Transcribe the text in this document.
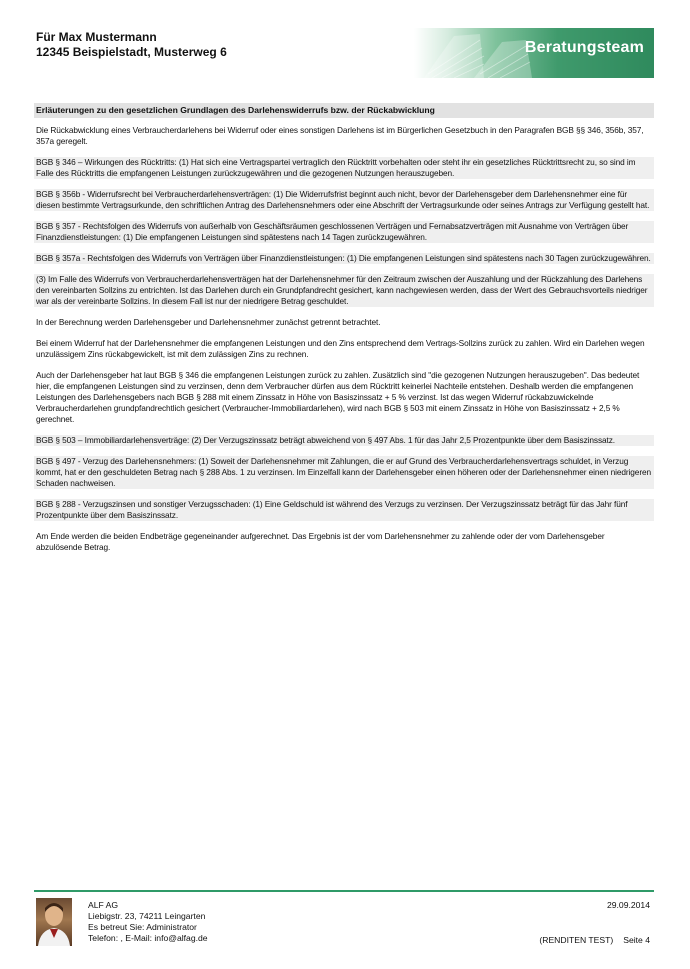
Für Max Mustermann
12345 Beispielstadt, Musterweg 6	Beratungsteam
Erläuterungen zu den gesetzlichen Grundlagen des Darlehenswiderrufs bzw. der Rückabwicklung
Die Rückabwicklung eines Verbraucherdarlehens bei Widerruf oder eines sonstigen Darlehens ist im Bürgerlichen Gesetzbuch in den Paragrafen BGB §§ 346, 356b, 357, 357a geregelt.
BGB § 346 – Wirkungen des Rücktritts: (1) Hat sich eine Vertragspartei vertraglich den Rücktritt vorbehalten oder steht ihr ein gesetzliches Rücktrittsrecht zu, so sind im Falle des Rücktritts die empfangenen Leistungen zurückzugewähren und die gezogenen Nutzungen herauszugeben.
BGB § 356b - Widerrufsrecht bei Verbraucherdarlehensverträgen: (1) Die Widerrufsfrist beginnt auch nicht, bevor der Darlehensgeber dem Darlehensnehmer eine für diesen bestimmte Vertragsurkunde, den schriftlichen Antrag des Darlehensnehmers oder eine Abschrift der Vertragsurkunde oder seines Antrags zur Verfügung gestellt hat.
BGB § 357 - Rechtsfolgen des Widerrufs von außerhalb von Geschäftsräumen geschlossenen Verträgen und Fernabsatzverträgen mit Ausnahme von Verträgen über Finanzdienstleistungen: (1) Die empfangenen Leistungen sind spätestens nach 14 Tagen zurückzugewähren.
BGB § 357a - Rechtsfolgen des Widerrufs von Verträgen über Finanzdienstleistungen: (1) Die empfangenen Leistungen sind spätestens nach 30 Tagen zurückzugewähren.
(3) Im Falle des Widerrufs von Verbraucherdarlehensverträgen hat der Darlehensnehmer für den Zeitraum zwischen der Auszahlung und der Rückzahlung des Darlehens den vereinbarten Sollzins zu entrichten. Ist das Darlehen durch ein Grundpfandrecht gesichert, kann nachgewiesen werden, dass der Wert des Gebrauchsvorteils niedriger war als der vereinbarte Sollzins. In diesem Fall ist nur der niedrigere Betrag geschuldet.
In der Berechnung werden Darlehensgeber und Darlehensnehmer zunächst getrennt betrachtet.
Bei einem Widerruf hat der Darlehensnehmer die empfangenen Leistungen und den Zins entsprechend dem Vertrags-Sollzins zurück zu zahlen. Wird ein Darlehen wegen unzulässigem Zins rückabgewickelt, ist mit dem zulässigen Zins zu rechnen.
Auch der Darlehensgeber hat laut BGB § 346 die empfangenen Leistungen zurück zu zahlen. Zusätzlich sind "die gezogenen Nutzungen herauszugeben". Das bedeutet hier, die empfangenen Leistungen sind zu verzinsen, denn dem Verbraucher dürfen aus dem Rücktritt keinerlei Nachteile entstehen. Deshalb werden die empfangenen Leistungen des Darlehensgebers nach BGB § 288 mit einem Zinssatz in Höhe von Basiszinssatz + 5 % verzinst. Ist das wegen Widerruf rückabzuwickelnde Verbraucherdarlehen grundpfandrechtlich gesichert (Verbraucher-Immobiliardarlehen), wird nach BGB § 503 mit einem Zinssatz in Höhe von Basiszinssatz + 2,5 % gerechnet.
BGB § 503 – Immobiliardarlehensverträge: (2) Der Verzugszinssatz beträgt abweichend von § 497 Abs. 1 für das Jahr 2,5 Prozentpunkte über dem Basiszinssatz.
BGB § 497 - Verzug des Darlehensnehmers: (1) Soweit der Darlehensnehmer mit Zahlungen, die er auf Grund des Verbraucherdarlehensvertrags schuldet, in Verzug kommt, hat er den geschuldeten Betrag nach § 288 Abs. 1 zu verzinsen. Im Einzelfall kann der Darlehensgeber einen höheren oder der Darlehensnehmer einen niedrigeren Schaden nachweisen.
BGB § 288 - Verzugszinsen und sonstiger Verzugsschaden: (1) Eine Geldschuld ist während des Verzugs zu verzinsen. Der Verzugszinssatz beträgt für das Jahr fünf Prozentpunkte über dem Basiszinssatz.
Am Ende werden die beiden Endbeträge gegeneinander aufgerechnet. Das Ergebnis ist der vom Darlehensnehmer zu zahlende oder der vom Darlehensgeber abzulösende Betrag.
ALF AG
Liebigstr. 23, 74211 Leingarten
Es betreut Sie: Administrator
Telefon: , E-Mail: info@alfag.de
29.09.2014
(RENDITEN TEST) Seite 4
